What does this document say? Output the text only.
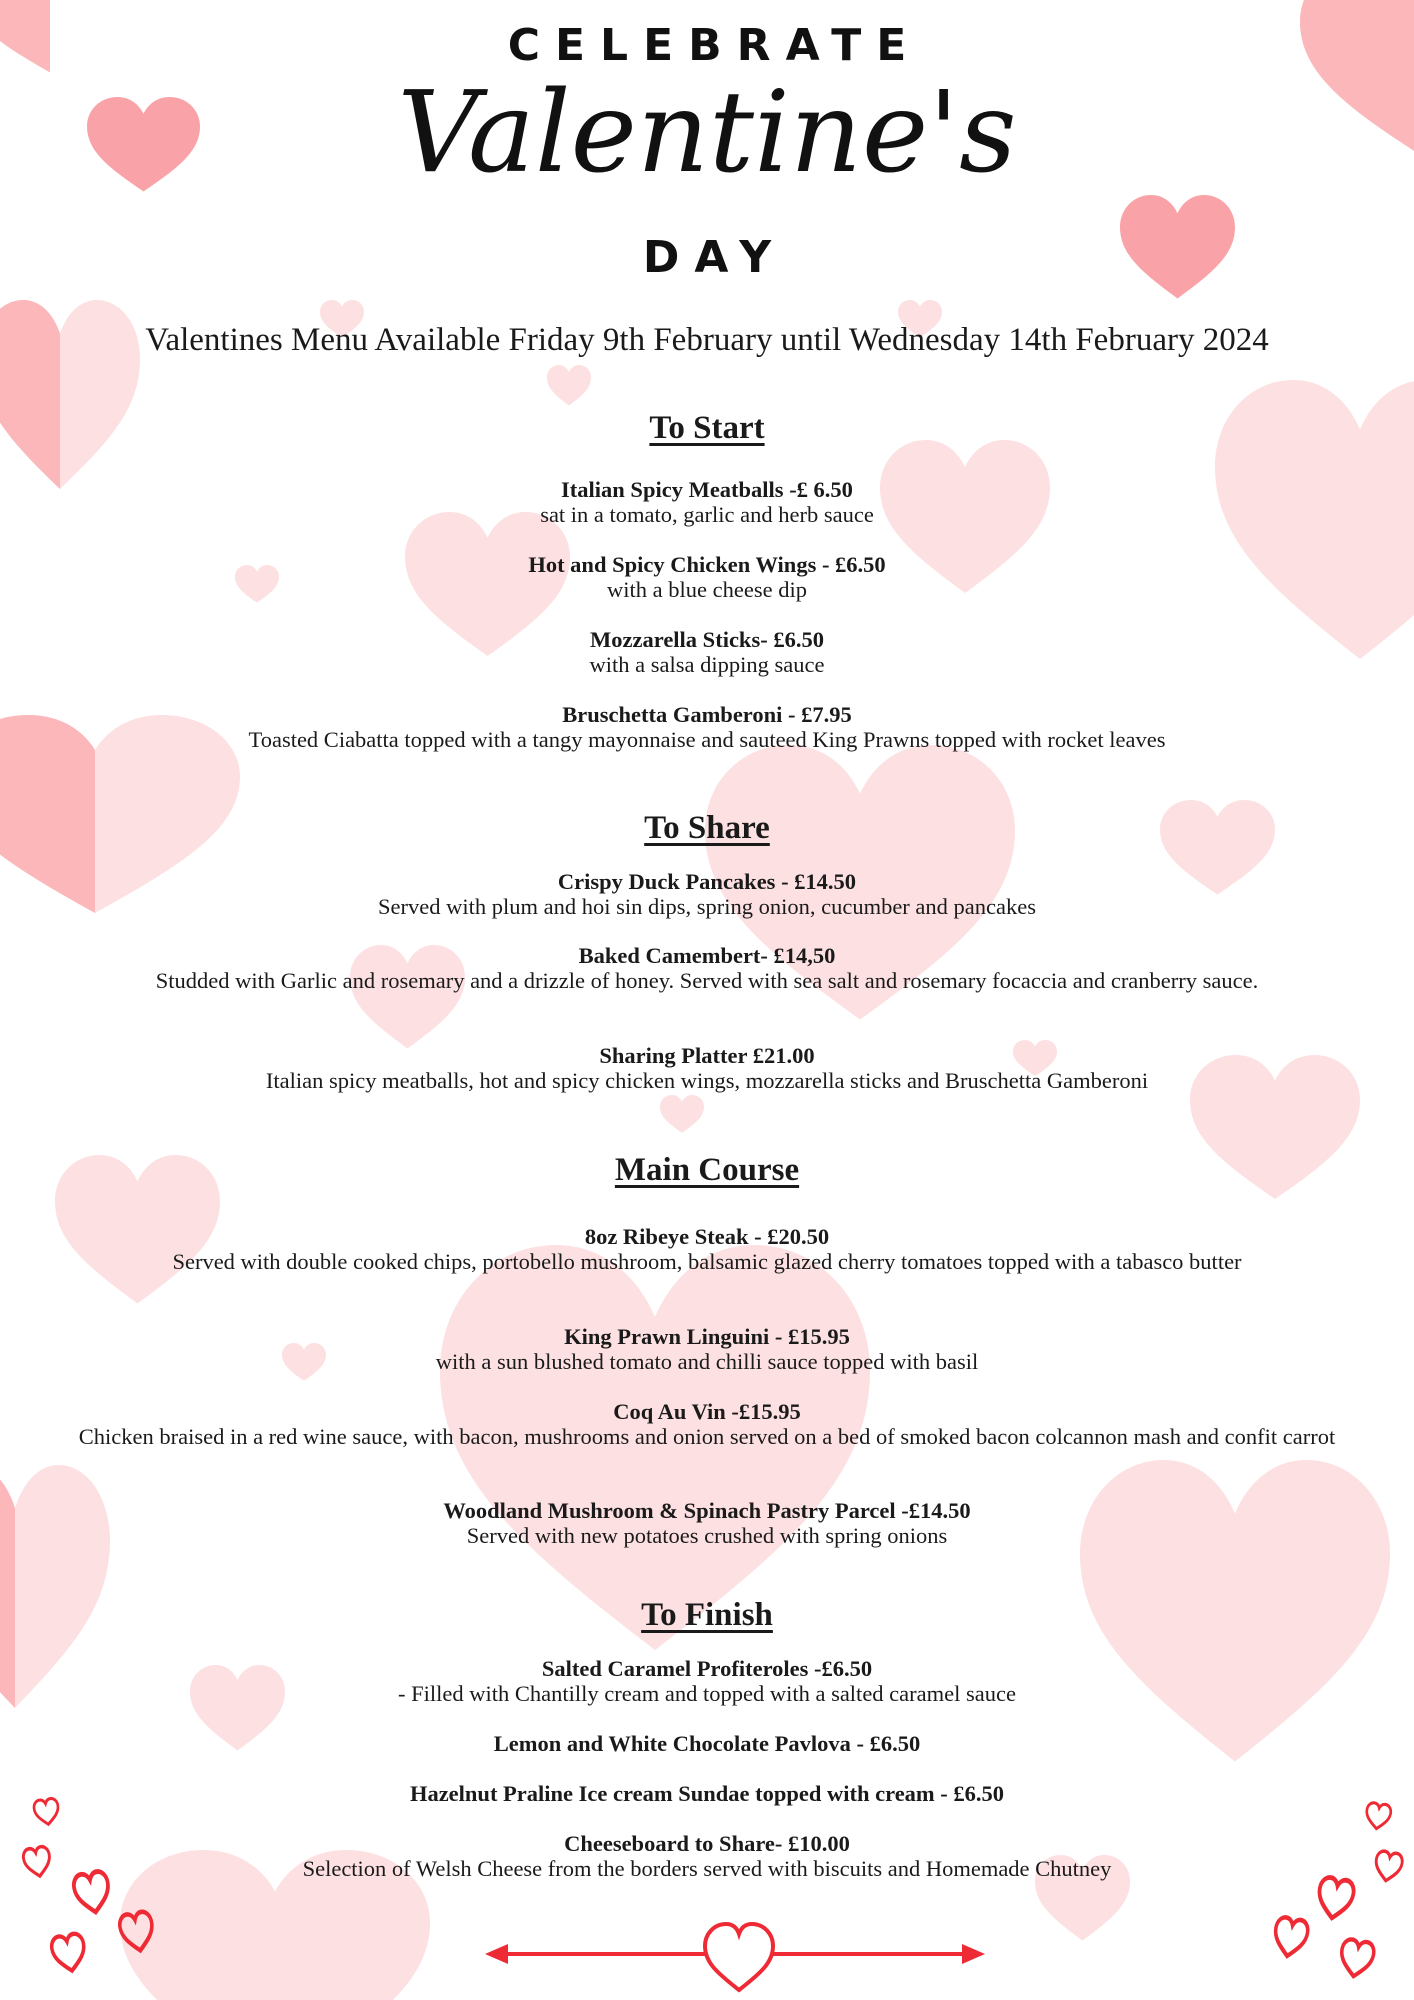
CELEBRATE
Valentine's
DAY
Valentines Menu Available Friday 9th February until Wednesday 14th February 2024
To Start
Italian Spicy Meatballs -£ 6.50
sat in a tomato, garlic and herb sauce
Hot and Spicy Chicken Wings - £6.50
with a blue cheese dip
Mozzarella Sticks- £6.50
with a salsa dipping sauce
Bruschetta Gamberoni - £7.95
Toasted Ciabatta topped with a tangy mayonnaise and sauteed King Prawns topped with rocket leaves
To Share
Crispy Duck Pancakes - £14.50
Served with plum and hoi sin dips, spring onion, cucumber and pancakes
Baked Camembert- £14,50
Studded with Garlic and rosemary and a drizzle of honey. Served with sea salt and rosemary focaccia and cranberry sauce.
Sharing Platter £21.00
Italian spicy meatballs, hot and spicy chicken wings, mozzarella sticks and Bruschetta Gamberoni
Main Course
8oz Ribeye Steak - £20.50
Served with double cooked chips, portobello mushroom, balsamic glazed cherry tomatoes topped with a tabasco butter
King Prawn Linguini - £15.95
with a sun blushed tomato and chilli sauce topped with basil
Coq Au Vin -£15.95
Chicken braised in a red wine sauce, with bacon, mushrooms and onion served on a bed of smoked bacon colcannon mash and confit carrot
Woodland Mushroom & Spinach Pastry Parcel -£14.50
Served with new potatoes crushed with spring onions
To Finish
Salted Caramel Profiteroles -£6.50
- Filled with Chantilly cream and topped with a salted caramel sauce
Lemon and White Chocolate Pavlova - £6.50
Hazelnut Praline Ice cream Sundae topped with cream - £6.50
Cheeseboard to Share- £10.00
Selection of Welsh Cheese from the borders served with biscuits and Homemade Chutney
